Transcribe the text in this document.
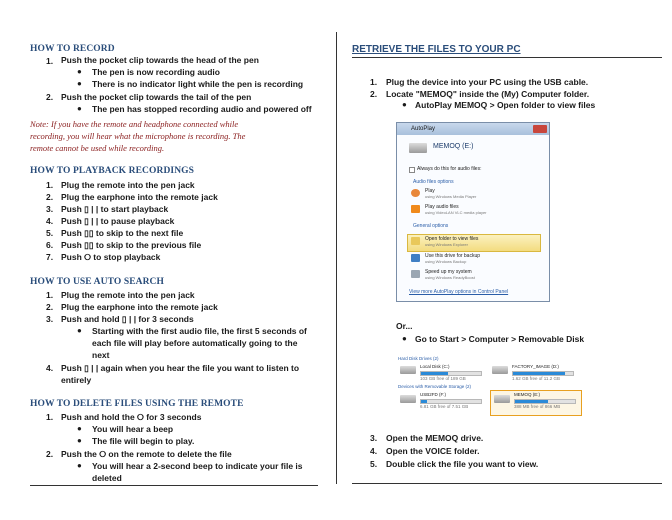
HOW TO RECORD
1. Push the pocket clip towards the head of the pen
● The pen is now recording audio
● There is no indicator light while the pen is recording
2. Push the pocket clip towards the tail of the pen
● The pen has stopped recording audio and powered off
Note: If you have the remote and headphone connected while
recording, you will hear what the microphone is recording. The
remote cannot be used while recording.
HOW TO PLAYBACK RECORDINGS
1. Plug the remote into the pen jack
2. Plug the earphone into the remote jack
3. Push ▯ | | to start playback
4. Push ▯ | | to pause playback
5. Push ▯▯ to skip to the next file
6. Push ▯▯ to skip to the previous file
7. Push ⭘ to stop playback
HOW TO USE AUTO SEARCH
1. Plug the remote into the pen jack
2. Plug the earphone into the remote jack
3. Push and hold ▯ | | for 3 seconds
● Starting with the first audio file, the first 5 seconds of
each file will play before automatically going to the
next
4. Push ▯ | | again when you hear the file you want to listen to
entirely
HOW TO DELETE FILES USING THE REMOTE
1. Push and hold the ⭘ for 3 seconds
● You will hear a beep
● The file will begin to play.
2. Push the ⭘ on the remote to delete the file
● You will hear a 2-second beep to indicate your file is
deleted
RETRIEVE THE FILES TO YOUR PC
1. Plug the device into your PC using the USB cable.
2. Locate "MEMOQ" inside the (My) Computer folder.
● AutoPlay MEMOQ > Open folder to view files
Or...
● Go to Start > Computer > Removable Disk
3. Open the MEMOQ drive.
4. Open the VOICE folder.
5. Double click the file you want to view.
AutoPlay
MEMOQ (E:)
Always do this for audio files:
Audio files options
Play
using Windows Media Player
Play audio files
using VideoLAN VLC media player
General options
Open folder to view files
using Windows Explorer
Use this drive for backup
using Windows Backup
Speed up my system
using Windows ReadyBoost
View more AutoPlay options in Control Panel
Hard Disk Drives (2)
Local Disk (C:)
103 GB free of 189 GB
FACTORY_IMAGE (D:)
1.62 GB free of 11.2 GB
Devices with Removable Storage (2)
USB2FD (F:)
6.81 GB free of 7.51 GB
MEMOQ (E:)
388 MB free of 866 MB
